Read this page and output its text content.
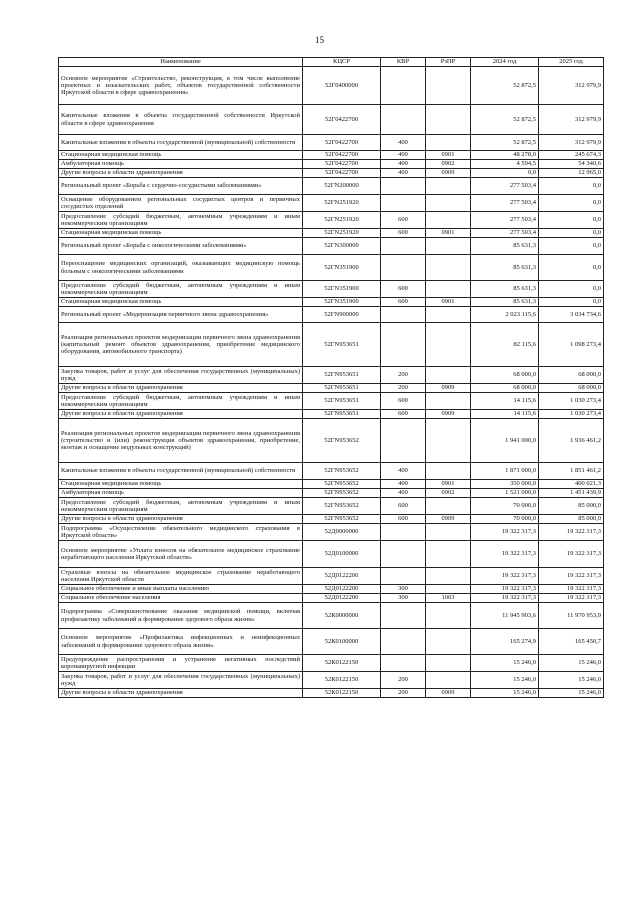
15
Наименование	КЦСР	КВР	РзПР	2024 год	2025 год
Основное мероприятие «Строительство, реконструкция, в том числе выполнение проектных и изыскательских работ, объектов государственной собственности Иркутской области в сфере здравоохранения»	52Г0400000			52 872,5	312 979,9
Капитальные вложения в объекты государственной собственности Иркутской области в сфере здравоохранения	52Г0422700			52 872,5	312 979,9
Капитальные вложения в объекты государственной (муниципальной) собственности	52Г0422700	400		52 872,5	312 979,9
Стационарная медицинская помощь	52Г0422700	400	0901	48 278,0	245 674,3
Амбулаторная помощь	52Г0422700	400	0902	4 594,5	54 340,6
Другие вопросы в области здравоохранения	52Г0422700	400	0909	0,0	12 965,0
Региональный проект «Борьба с сердечно-сосудистыми заболеваниями»	52ГN200000			277 503,4	0,0
Оснащение оборудованием региональных сосудистых центров и первичных сосудистых отделений	52ГN251920			277 503,4	0,0
Предоставление субсидий бюджетным, автономным учреждениям и иным некоммерческим организациям	52ГN251920	600		277 503,4	0,0
Стационарная медицинская помощь	52ГN251920	600	0901	277 503,4	0,0
Региональный проект «Борьба с онкологическими заболеваниями»	52ГN300000			85 631,3	0,0
Переоснащение медицинских организаций, оказывающих медицинскую помощь больным с онкологическими заболеваниями	52ГN351900			85 631,3	0,0
Предоставление субсидий бюджетным, автономным учреждениям и иным некоммерческим организациям	52ГN351900	600		85 631,3	0,0
Стационарная медицинская помощь	52ГN351900	600	0901	85 631,3	0,0
Региональный проект «Модернизация первичного звена здравоохранения»	52ГN900000			2 023 115,6	3 034 734,6
Реализация региональных проектов модернизации первичного звена здравоохранения (капитальный ремонт объектов здравоохранения, приобретение медицинского оборудования, автомобильного транспорта)	52ГN953651			82 115,6	1 098 273,4
Закупка товаров, работ и услуг для обеспечения государственных (муниципальных) нужд	52ГN953651	200		68 000,0	68 000,0
Другие вопросы в области здравоохранения	52ГN953651	200	0909	68 000,0	68 000,0
Предоставление субсидий бюджетным, автономным учреждениям и иным некоммерческим организациям	52ГN953651	600		14 115,6	1 030 273,4
Другие вопросы в области здравоохранения	52ГN953651	600	0909	14 115,6	1 030 273,4
Реализация региональных проектов модернизации первичного звена здравоохранения (строительство и (или) реконструкция объектов здравоохранения, приобретение, монтаж и оснащение модульных конструкций)	52ГN953652			1 941 000,0	1 936 461,2
Капитальные вложения в объекты государственной (муниципальной) собственности	52ГN953652	400		1 871 000,0	1 851 461,2
Стационарная медицинская помощь	52ГN953652	400	0901	350 000,0	400 021,3
Амбулаторная помощь	52ГN953652	400	0902	1 521 000,0	1 451 439,9
Предоставление субсидий бюджетным, автономным учреждениям и иным некоммерческим организациям	52ГN953652	600		70 000,0	85 000,0
Другие вопросы в области здравоохранения	52ГN953652	600	0909	70 000,0	85 000,0
Подпрограмма «Осуществление обязательного медицинского страхования в Иркутской области»	52Д0000000			19 322 317,3	19 322 317,3
Основное мероприятие «Уплата взносов на обязательное медицинское страхование неработающего населения Иркутской области»	52Д0100000			19 322 317,3	19 322 317,3
Страховые взносы на обязательное медицинское страхование неработающего населения Иркутской области	52Д0122200			19 322 317,3	19 322 317,3
Социальное обеспечение и иные выплаты населению	52Д0122200	300		19 322 317,3	19 322 317,3
Социальное обеспечение населения	52Д0122200	300	1003	19 322 317,3	19 322 317,3
Подпрограмма «Совершенствование оказания медицинской помощи, включая профилактику заболеваний и формирование здорового образа жизни»	52К0000000			11 945 903,6	11 970 953,9
Основное мероприятие «Профилактика инфекционных и неинфекционных заболеваний и формирование здорового образа жизни»	52К0100000			165 274,9	165 450,7
Предупреждение распространения и устранение негативных последствий коронавирусной инфекции	52К0122150			15 246,0	15 246,0
Закупка товаров, работ и услуг для обеспечения государственных (муниципальных) нужд	52К0122150	200		15 246,0	15 246,0
Другие вопросы в области здравоохранения	52К0122150	200	0909	15 246,0	15 246,0
